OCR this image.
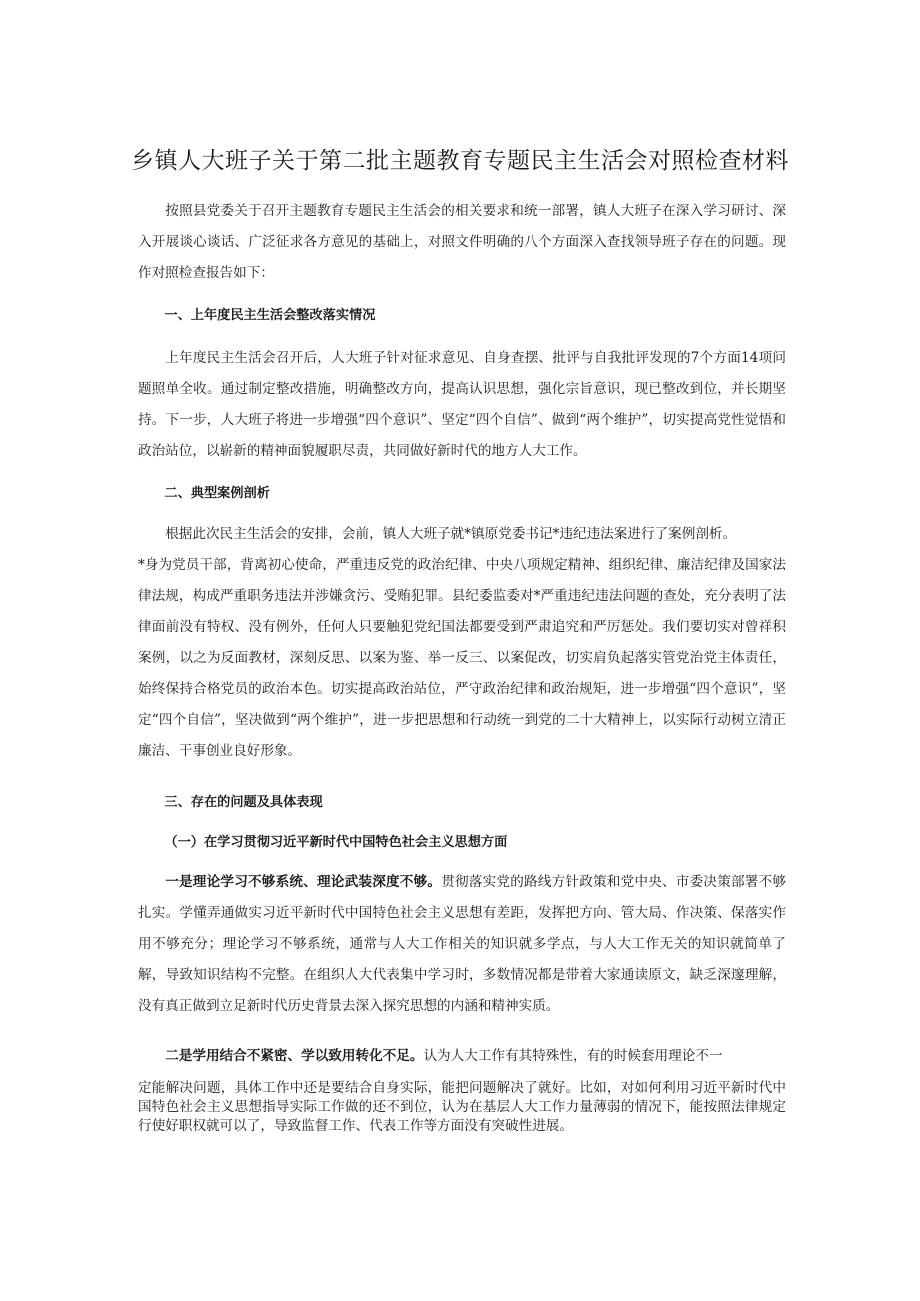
乡镇人大班子关于第二批主题教育专题民主生活会对照检查材料
按照县党委关于召开主题教育专题民主生活会的相关要求和统一部署，镇人大班子在深入学习研讨、深入开展谈心谈话、广泛征求各方意见的基础上，对照文件明确的八个方面深入查找领导班子存在的问题。现作对照检查报告如下：
一、上年度民主生活会整改落实情况
上年度民主生活会召开后，人大班子针对征求意见、自身查摆、批评与自我批评发现的7个方面14项问题照单全收。通过制定整改措施，明确整改方向，提高认识思想，强化宗旨意识，现已整改到位，并长期坚持。下一步，人大班子将进一步增强“四个意识”、坚定“四个自信”、做到“两个维护”，切实提高党性觉悟和政治站位，以崭新的精神面貌履职尽责，共同做好新时代的地方人大工作。
二、典型案例剖析
根据此次民主生活会的安排，会前，镇人大班子就*镇原党委书记*违纪违法案进行了案例剖析。
*身为党员干部，背离初心使命，严重违反党的政治纪律、中央八项规定精神、组织纪律、廉洁纪律及国家法律法规，构成严重职务违法并涉嫌贪污、受贿犯罪。县纪委监委对*严重违纪违法问题的查处，充分表明了法律面前没有特权、没有例外，任何人只要触犯党纪国法都要受到严肃追究和严厉惩处。我们要切实对曾祥积案例，以之为反面教材，深刻反思、以案为鉴、举一反三、以案促改，切实肩负起落实管党治党主体责任，始终保持合格党员的政治本色。切实提高政治站位，严守政治纪律和政治规矩，进一步增强“四个意识”，坚定“四个自信”，坚决做到“两个维护”，进一步把思想和行动统一到党的二十大精神上，以实际行动树立清正廉洁、干事创业良好形象。
三、存在的问题及具体表现
（一）在学习贯彻习近平新时代中国特色社会主义思想方面
一是理论学习不够系统、理论武装深度不够。贯彻落实党的路线方针政策和党中央、市委决策部署不够扎实。学懂弄通做实习近平新时代中国特色社会主义思想有差距，发挥把方向、管大局、作决策、保落实作用不够充分；理论学习不够系统，通常与人大工作相关的知识就多学点，与人大工作无关的知识就简单了解，导致知识结构不完整。在组织人大代表集中学习时，多数情况都是带着大家通读原文，缺乏深邃理解，没有真正做到立足新时代历史背景去深入探究思想的内涵和精神实质。
二是学用结合不紧密、学以致用转化不足。认为人大工作有其特殊性，有的时候套用理论不一
定能解决问题，具体工作中还是要结合自身实际，能把问题解决了就好。比如，对如何利用习近平新时代中国特色社会主义思想指导实际工作做的还不到位，认为在基层人大工作力量薄弱的情况下，能按照法律规定行使好职权就可以了，导致监督工作、代表工作等方面没有突破性进展。
